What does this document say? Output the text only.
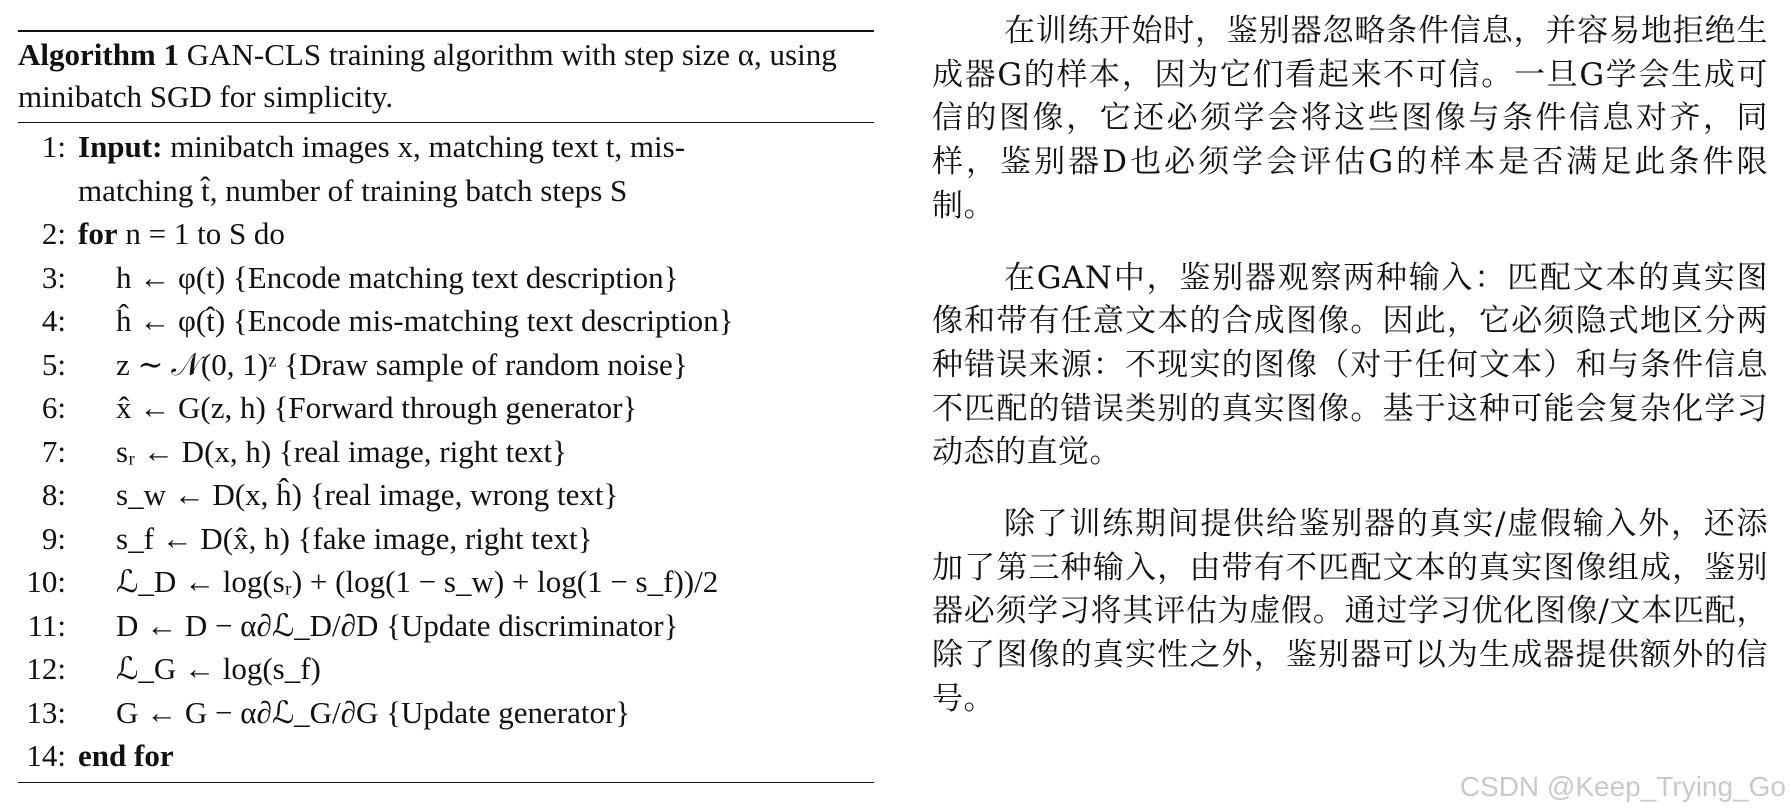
Algorithm 1 GAN-CLS training algorithm with step size α, using minibatch SGD for simplicity.
1: Input: minibatch images x, matching text t, mis-
matching t̂, number of training batch steps S
2: for n = 1 to S do
3:	h ← φ(t) {Encode matching text description}
4:	ĥ ← φ(t̂) {Encode mis-matching text description}
5:	z ∼ 𝒩(0, 1)ᶻ {Draw sample of random noise}
6:	x̂ ← G(z, h) {Forward through generator}
7:	sᵣ ← D(x, h) {real image, right text}
8:	s_w ← D(x, ĥ) {real image, wrong text}
9:	s_f ← D(x̂, h) {fake image, right text}
10:	ℒ_D ← log(sᵣ) + (log(1 − s_w) + log(1 − s_f))/2
11:	D ← D − α∂ℒ_D/∂D {Update discriminator}
12:	ℒ_G ← log(s_f)
13:	G ← G − α∂ℒ_G/∂G {Update generator}
14: end for

在训练开始时，鉴别器忽略条件信息，并容易地拒绝生成器G的样本，因为它们看起来不可信。一旦G学会生成可信的图像，它还必须学会将这些图像与条件信息对齐，同样，鉴别器D也必须学会评估G的样本是否满足此条件限制。

在GAN中，鉴别器观察两种输入：匹配文本的真实图像和带有任意文本的合成图像。因此，它必须隐式地区分两种错误来源：不现实的图像（对于任何文本）和与条件信息不匹配的错误类别的真实图像。基于这种可能会复杂化学习动态的直觉。

除了训练期间提供给鉴别器的真实/虚假输入外，还添加了第三种输入，由带有不匹配文本的真实图像组成，鉴别器必须学习将其评估为虚假。通过学习优化图像/文本匹配，除了图像的真实性之外，鉴别器可以为生成器提供额外的信号。

CSDN @Keep_Trying_Go
